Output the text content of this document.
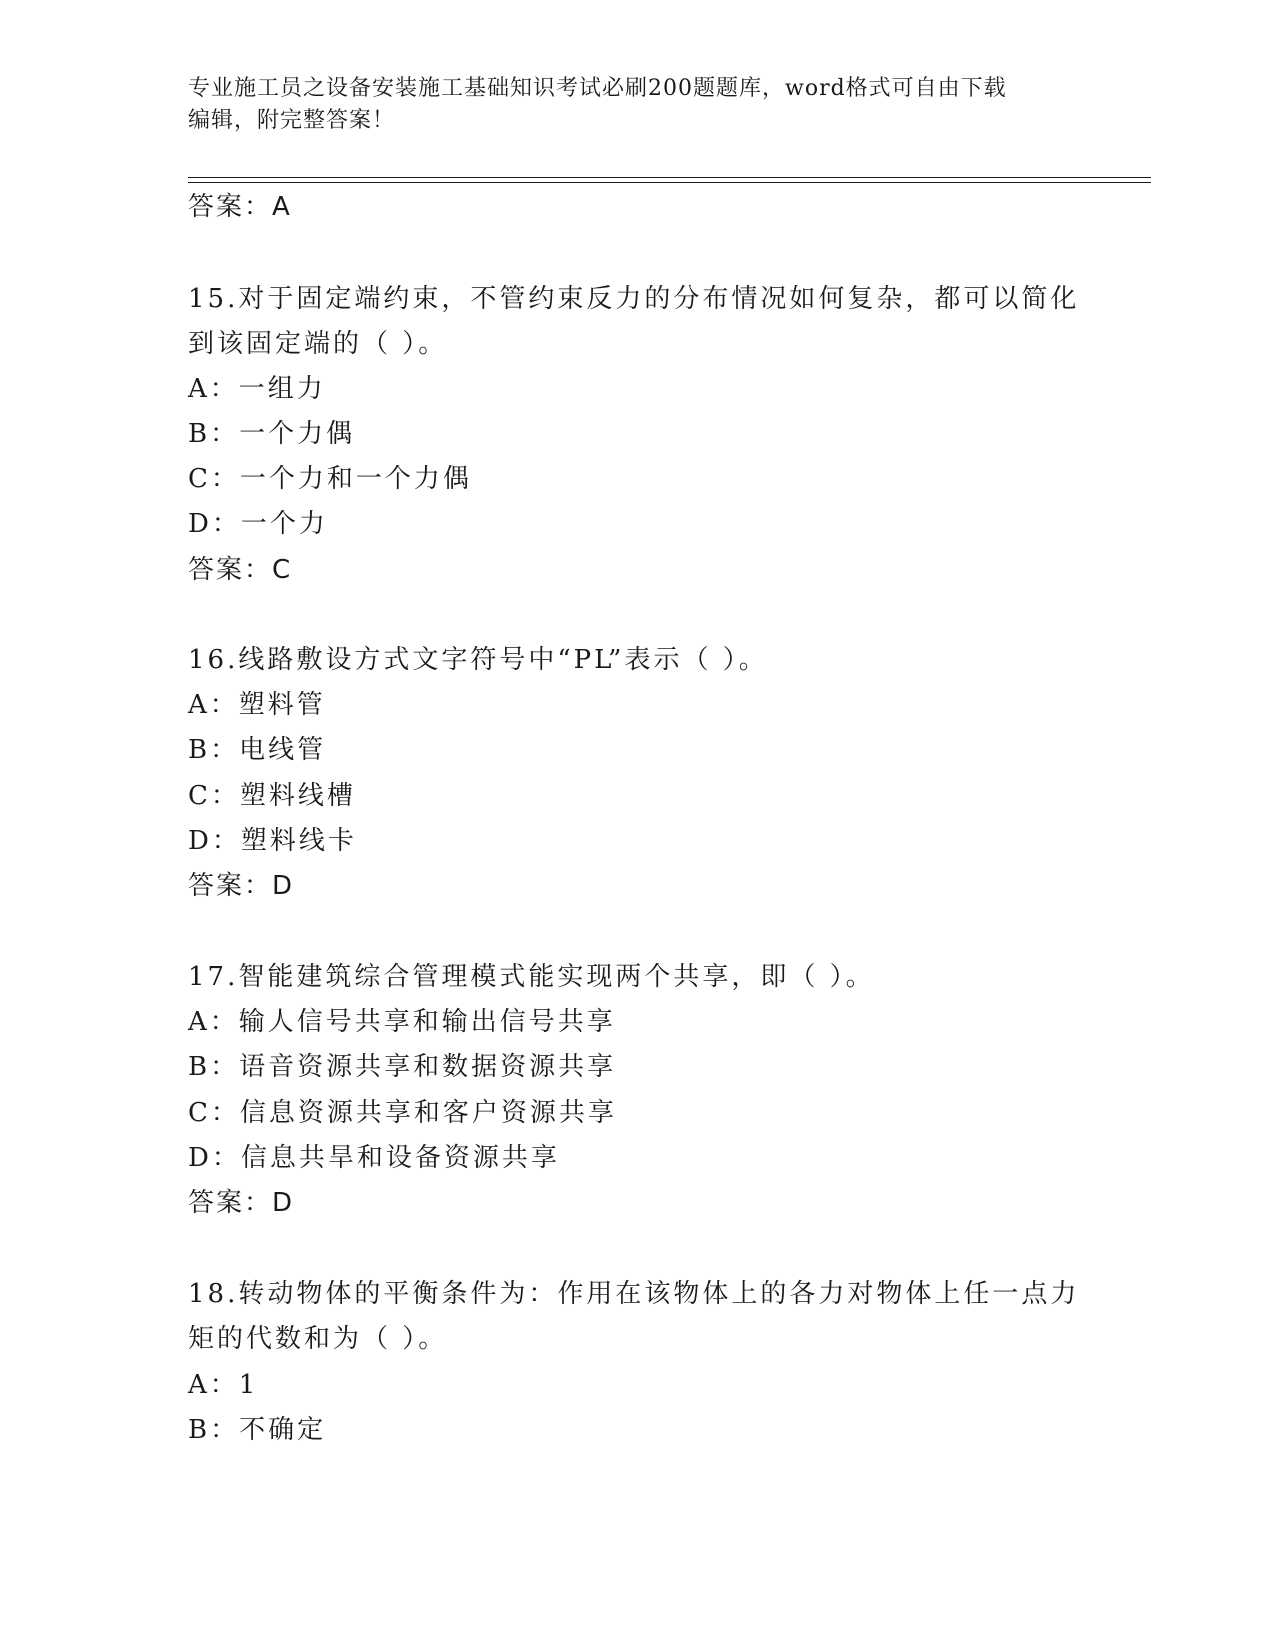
专业施工员之设备安装施工基础知识考试必刷200题题库，word格式可自由下载
编辑，附完整答案！
答案：A
15.对于固定端约束，不管约束反力的分布情况如何复杂，都可以简化
到该固定端的（ ）。
A：一组力
B：一个力偶
C：一个力和一个力偶
D：一个力
答案：C
16.线路敷设方式文字符号中“PL”表示（ ）。
A：塑料管
B：电线管
C：塑料线槽
D：塑料线卡
答案：D
17.智能建筑综合管理模式能实现两个共享，即（ ）。
A：输人信号共享和输出信号共享
B：语音资源共享和数据资源共享
C：信息资源共享和客户资源共享
D：信息共旱和设备资源共享
答案：D
18.转动物体的平衡条件为：作用在该物体上的各力对物体上任一点力
矩的代数和为（ ）。
A：1
B：不确定
